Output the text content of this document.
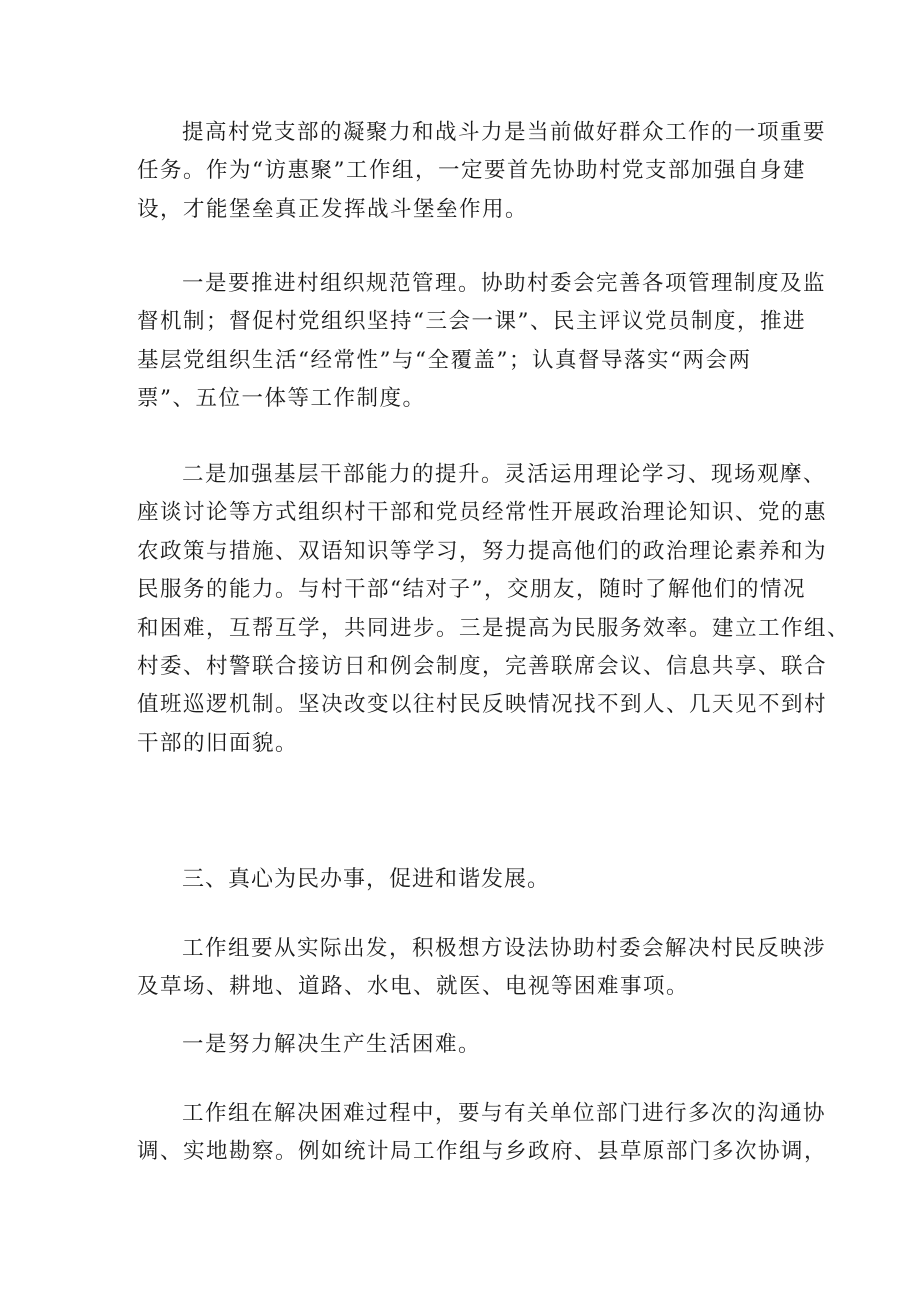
提高村党支部的凝聚力和战斗力是当前做好群众工作的一项重要
任务。作为“访惠聚”工作组，一定要首先协助村党支部加强自身建
设，才能堡垒真正发挥战斗堡垒作用。
一是要推进村组织规范管理。协助村委会完善各项管理制度及监
督机制；督促村党组织坚持“三会一课”、民主评议党员制度，推进
基层党组织生活“经常性”与“全覆盖”；认真督导落实“两会两
票”、五位一体等工作制度。
二是加强基层干部能力的提升。灵活运用理论学习、现场观摩、
座谈讨论等方式组织村干部和党员经常性开展政治理论知识、党的惠
农政策与措施、双语知识等学习，努力提高他们的政治理论素养和为
民服务的能力。与村干部“结对子”，交朋友，随时了解他们的情况
和困难，互帮互学，共同进步。三是提高为民服务效率。建立工作组、
村委、村警联合接访日和例会制度，完善联席会议、信息共享、联合
值班巡逻机制。坚决改变以往村民反映情况找不到人、几天见不到村
干部的旧面貌。
三、真心为民办事，促进和谐发展。
工作组要从实际出发，积极想方设法协助村委会解决村民反映涉
及草场、耕地、道路、水电、就医、电视等困难事项。
一是努力解决生产生活困难。
工作组在解决困难过程中，要与有关单位部门进行多次的沟通协
调、实地勘察。例如统计局工作组与乡政府、县草原部门多次协调，
